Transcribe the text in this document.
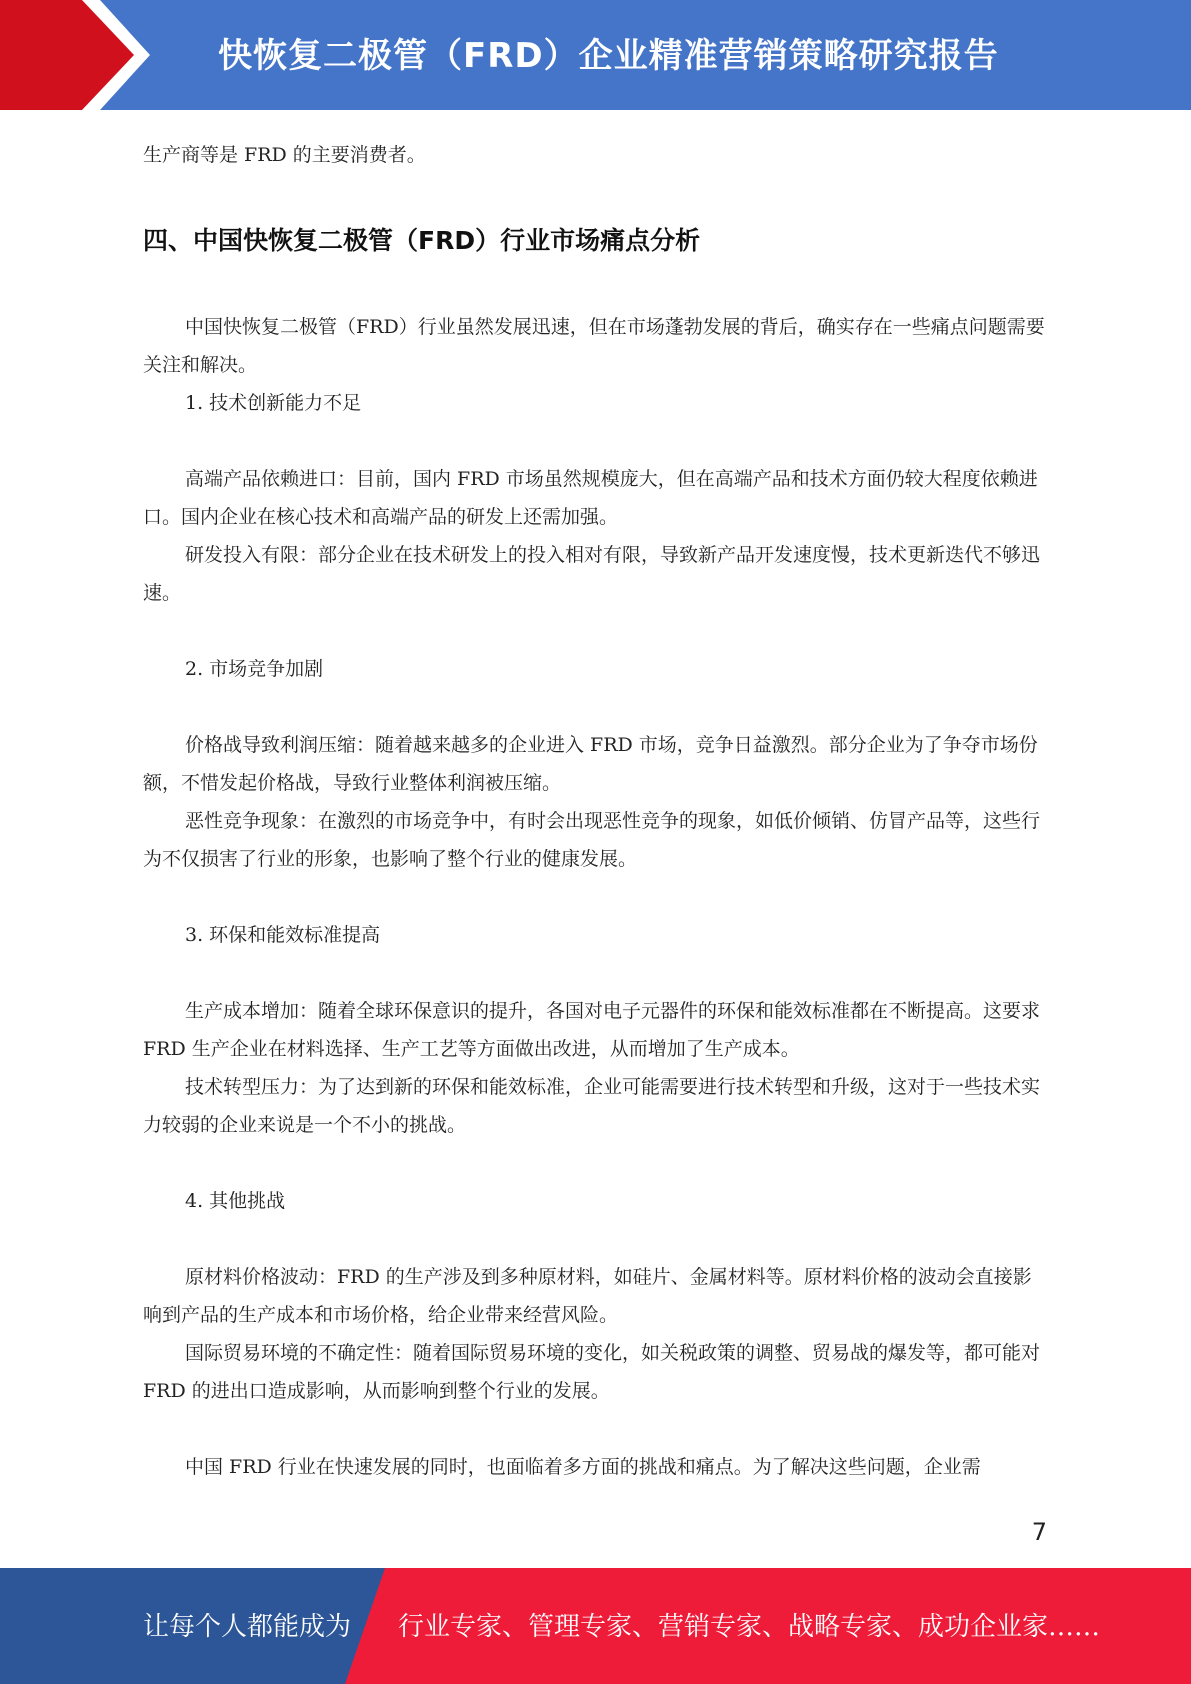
快恢复二极管（FRD）企业精准营销策略研究报告

生产商等是 FRD 的主要消费者。

四、中国快恢复二极管（FRD）行业市场痛点分析

中国快恢复二极管（FRD）行业虽然发展迅速，但在市场蓬勃发展的背后，确实存在一些痛点问题需要关注和解决。

1. 技术创新能力不足

高端产品依赖进口：目前，国内 FRD 市场虽然规模庞大，但在高端产品和技术方面仍较大程度依赖进口。国内企业在核心技术和高端产品的研发上还需加强。

研发投入有限：部分企业在技术研发上的投入相对有限，导致新产品开发速度慢，技术更新迭代不够迅速。

2. 市场竞争加剧

价格战导致利润压缩：随着越来越多的企业进入 FRD 市场，竞争日益激烈。部分企业为了争夺市场份额，不惜发起价格战，导致行业整体利润被压缩。

恶性竞争现象：在激烈的市场竞争中，有时会出现恶性竞争的现象，如低价倾销、仿冒产品等，这些行为不仅损害了行业的形象，也影响了整个行业的健康发展。

3. 环保和能效标准提高

生产成本增加：随着全球环保意识的提升，各国对电子元器件的环保和能效标准都在不断提高。这要求 FRD 生产企业在材料选择、生产工艺等方面做出改进，从而增加了生产成本。

技术转型压力：为了达到新的环保和能效标准，企业可能需要进行技术转型和升级，这对于一些技术实力较弱的企业来说是一个不小的挑战。

4. 其他挑战

原材料价格波动：FRD 的生产涉及到多种原材料，如硅片、金属材料等。原材料价格的波动会直接影响到产品的生产成本和市场价格，给企业带来经营风险。

国际贸易环境的不确定性：随着国际贸易环境的变化，如关税政策的调整、贸易战的爆发等，都可能对 FRD 的进出口造成影响，从而影响到整个行业的发展。

中国 FRD 行业在快速发展的同时，也面临着多方面的挑战和痛点。为了解决这些问题，企业需

7
让每个人都能成为 行业专家、管理专家、营销专家、战略专家、成功企业家……
